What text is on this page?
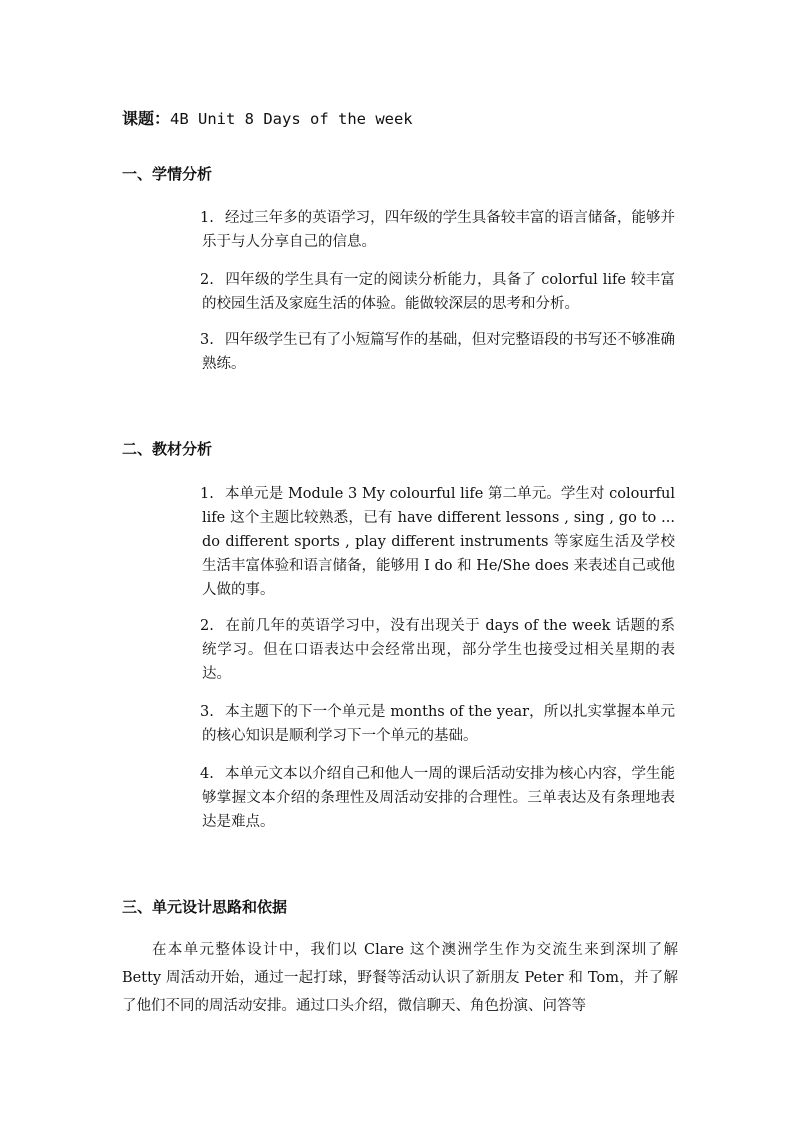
课题：4B Unit 8 Days of the week
一、学情分析
1. 经过三年多的英语学习，四年级的学生具备较丰富的语言储备，能够并乐于与人分享自己的信息。
2. 四年级的学生具有一定的阅读分析能力，具备了 colorful life 较丰富的校园生活及家庭生活的体验。能做较深层的思考和分析。
3. 四年级学生已有了小短篇写作的基础，但对完整语段的书写还不够准确熟练。
二、教材分析
1. 本单元是 Module 3 My colourful life 第二单元。学生对 colourful life 这个主题比较熟悉，已有 have different lessons , sing , go to ... do different sports , play different instruments 等家庭生活及学校生活丰富体验和语言储备，能够用 I do 和 He/She does 来表述自己或他人做的事。
2. 在前几年的英语学习中，没有出现关于 days of the week 话题的系统学习。但在口语表达中会经常出现，部分学生也接受过相关星期的表达。
3. 本主题下的下一个单元是 months of the year，所以扎实掌握本单元的核心知识是顺利学习下一个单元的基础。
4. 本单元文本以介绍自己和他人一周的课后活动安排为核心内容，学生能够掌握文本介绍的条理性及周活动安排的合理性。三单表达及有条理地表达是难点。
三、单元设计思路和依据
在本单元整体设计中，我们以 Clare 这个澳洲学生作为交流生来到深圳了解 Betty 周活动开始，通过一起打球，野餐等活动认识了新朋友 Peter 和 Tom，并了解了他们不同的周活动安排。通过口头介绍，微信聊天、角色扮演、问答等
